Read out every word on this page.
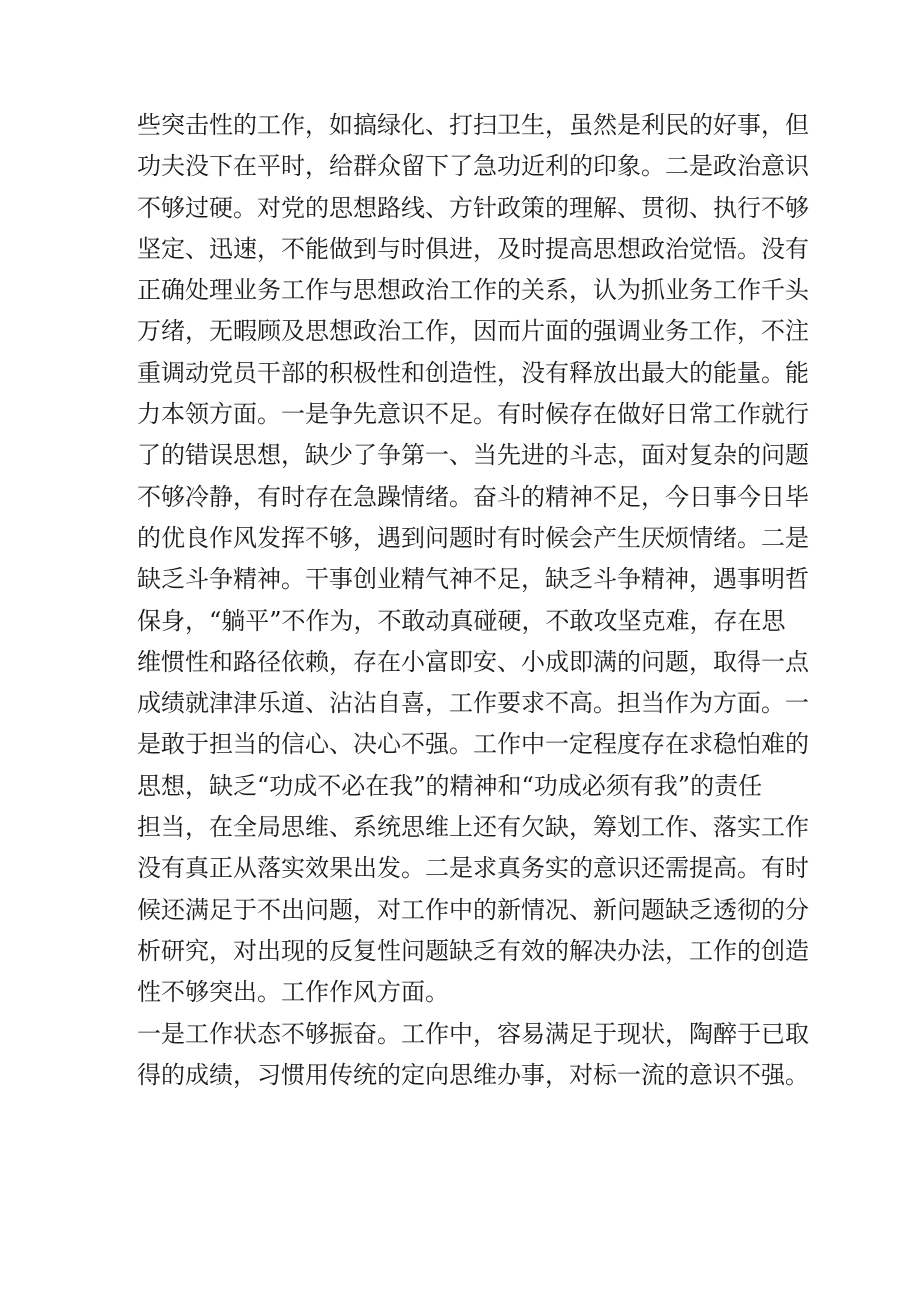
些突击性的工作，如搞绿化、打扫卫生，虽然是利民的好事，但
功夫没下在平时，给群众留下了急功近利的印象。二是政治意识
不够过硬。对党的思想路线、方针政策的理解、贯彻、执行不够
坚定、迅速，不能做到与时俱进，及时提高思想政治觉悟。没有
正确处理业务工作与思想政治工作的关系，认为抓业务工作千头
万绪，无暇顾及思想政治工作，因而片面的强调业务工作，不注
重调动党员干部的积极性和创造性，没有释放出最大的能量。能
力本领方面。一是争先意识不足。有时候存在做好日常工作就行
了的错误思想，缺少了争第一、当先进的斗志，面对复杂的问题
不够冷静，有时存在急躁情绪。奋斗的精神不足，今日事今日毕
的优良作风发挥不够，遇到问题时有时候会产生厌烦情绪。二是
缺乏斗争精神。干事创业精气神不足，缺乏斗争精神，遇事明哲
保身，“躺平”不作为，不敢动真碰硬，不敢攻坚克难，存在思
维惯性和路径依赖，存在小富即安、小成即满的问题，取得一点
成绩就津津乐道、沾沾自喜，工作要求不高。担当作为方面。一
是敢于担当的信心、决心不强。工作中一定程度存在求稳怕难的
思想，缺乏“功成不必在我”的精神和“功成必须有我”的责任
担当，在全局思维、系统思维上还有欠缺，筹划工作、落实工作
没有真正从落实效果出发。二是求真务实的意识还需提高。有时
候还满足于不出问题，对工作中的新情况、新问题缺乏透彻的分
析研究，对出现的反复性问题缺乏有效的解决办法，工作的创造
性不够突出。工作作风方面。
一是工作状态不够振奋。工作中，容易满足于现状，陶醉于已取
得的成绩，习惯用传统的定向思维办事，对标一流的意识不强。
